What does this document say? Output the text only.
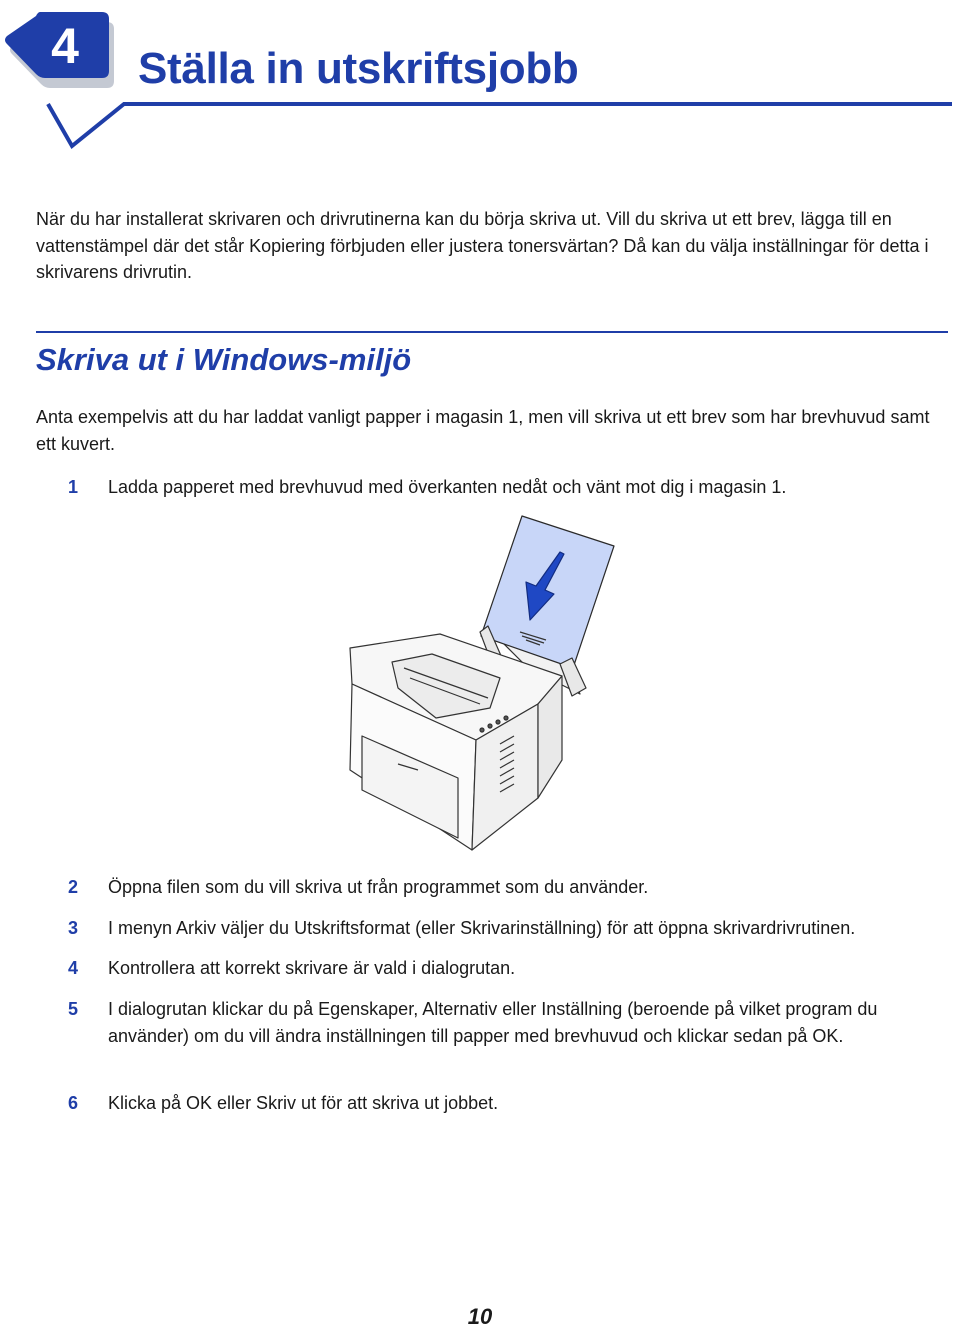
4 Ställa in utskriftsjobb

När du har installerat skrivaren och drivrutinerna kan du börja skriva ut. Vill du skriva ut ett brev, lägga till en vattenstämpel där det står Kopiering förbjuden eller justera tonersvärtan? Då kan du välja inställningar för detta i skrivarens drivrutin.

Skriva ut i Windows-miljö

Anta exempelvis att du har laddat vanligt papper i magasin 1, men vill skriva ut ett brev som har brevhuvud samt ett kuvert.

1	Ladda papperet med brevhuvud med överkanten nedåt och vänt mot dig i magasin 1.
2	Öppna filen som du vill skriva ut från programmet som du använder.
3	I menyn Arkiv väljer du Utskriftsformat (eller Skrivarinställning) för att öppna skrivardrivrutinen.
4	Kontrollera att korrekt skrivare är vald i dialogrutan.
5	I dialogrutan klickar du på Egenskaper, Alternativ eller Inställning (beroende på vilket program du använder) om du vill ändra inställningen till papper med brevhuvud och klickar sedan på OK.
6	Klicka på OK eller Skriv ut för att skriva ut jobbet.
10
